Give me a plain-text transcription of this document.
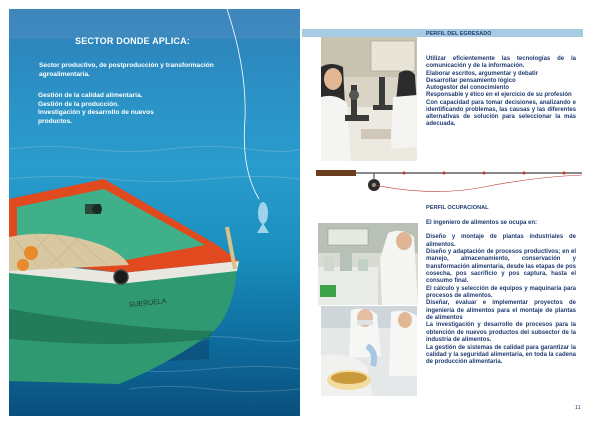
SUERUELA
SECTOR DONDE APLICA:
Sector productivo, de postproducción y transformación agroalimentaria.
Gestión de la calidad alimentaria.
Gestión de la producción.
Investigación y desarrollo de nuevos productos.
PERFIL DEL EGRESADO
Utilizar eficientemente las tecnologías de la comunicación y de la información.
Elaborar escritos, argumentar y debatir
Desarrollar pensamiento lógico
Autogestor del conocimiento
Responsable y ético en el ejercicio de su profesión
Con capacidad para tomar decisiones, analizando e identificando problemas, las causas y las diferentes alternativas de solución para seleccionar la más adecuada.
PERFIL OCUPACIONAL

El ingeniero de alimentos se ocupa en:

Diseño y montaje de plantas industriales de alimentos.

Diseño y adaptación de procesos productivos; en el manejo, almacenamiento, conservación y transformación alimentaria, desde las etapas de pos cosecha, pos sacrificio y pos captura, hasta el consumo final.

El cálculo y selección de equipos y maquinaria para procesos de alimentos.

Diseñar, evaluar e implementar proyectos de ingeniería de alimentos para el montaje de plantas de alimentos

La investigación y desarrollo de procesos para la obtención de nuevos productos del subsector de la industria de alimentos.

La gestión de sistemas de calidad para garantizar la calidad y la seguridad alimentaria, en toda la cadena de producción alimentaria.

11
